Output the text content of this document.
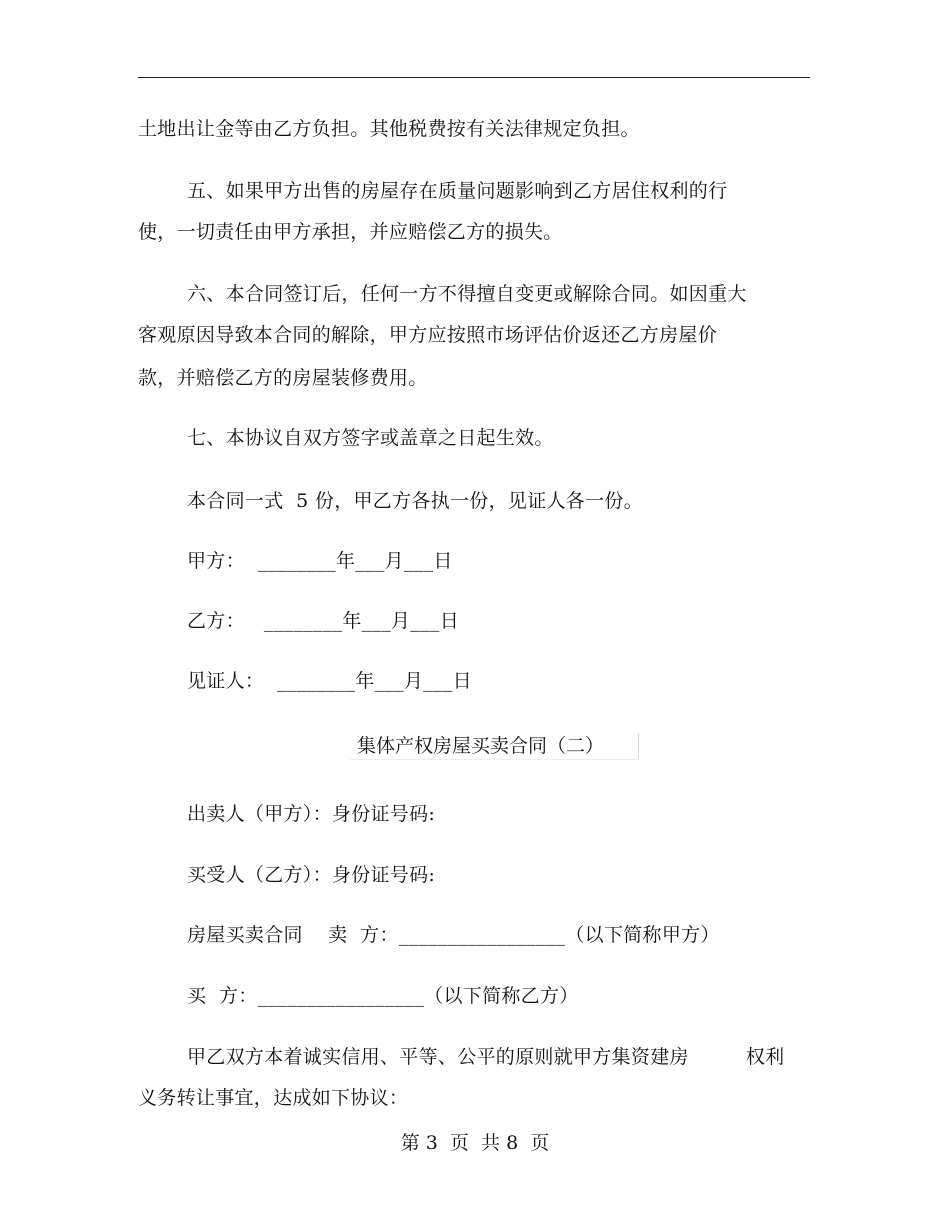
土地出让金等由乙方负担。其他税费按有关法律规定负担。
五、如果甲方出售的房屋存在质量问题影响到乙方居住权利的行
使，一切责任由甲方承担，并应赔偿乙方的损失。
六、本合同签订后，任何一方不得擅自变更或解除合同。如因重大
客观原因导致本合同的解除，甲方应按照市场评估价返还乙方房屋价
款，并赔偿乙方的房屋装修费用。
七、本协议自双方签字或盖章之日起生效。
本合同一式  5 份，甲乙方各执一份，见证人各一份。
甲方：  ________年___月___日
乙方：   ________年___月___日
见证人：  ________年___月___日
集体产权房屋买卖合同（二）
出卖人（甲方）：身份证号码:
买受人（乙方）：身份证号码:
房屋买卖合同    卖  方：_________________（以下简称甲方）
买  方：_________________（以下简称乙方）
甲乙双方本着诚实信用、平等、公平的原则就甲方集资建房         权利
义务转让事宜，达成如下协议：
第 3  页  共 8  页
